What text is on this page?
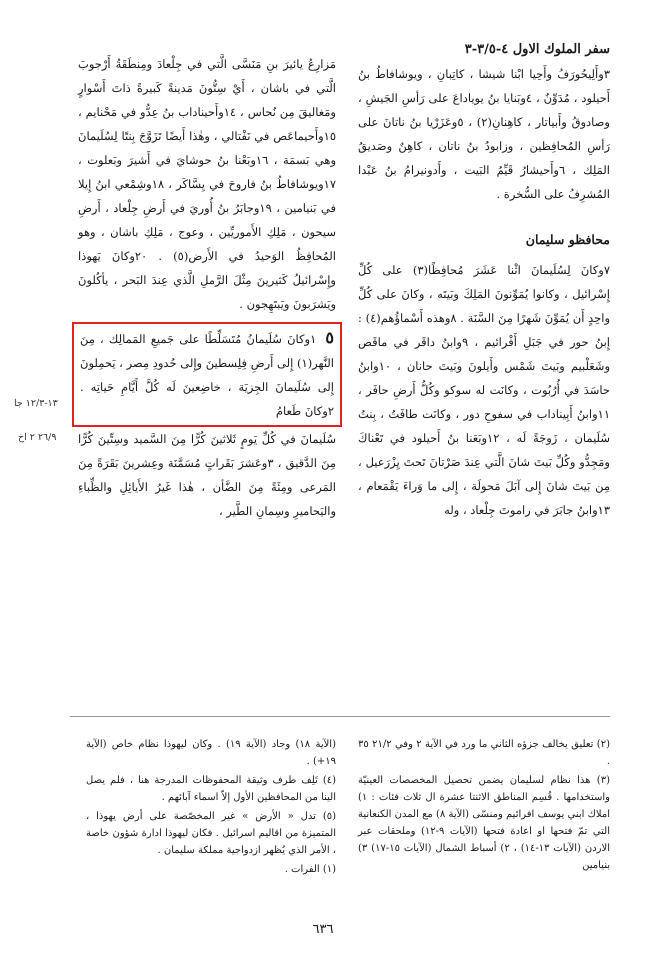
سفر الملوك الاول ٤-٣/٥-٣

٣وأَلِيحُورَفُ وأَحِيا ابْنا شيشا ، كاتِبانِ ، ويوشافاطُ بنُ أَحيلود ، مُدَوِّنٌ ، ٤وبَنايا بنُ يوياداعَ على رَأسِ الجَيشِ ، وصادوقُ وأَبياتار ، كاهِنانِ(٢) ، ٥وعَزَرْيا بنُ ناتانَ على رَأسِ المُحافِظين ، وزابودُ بنُ ناتان ، كاهِنٌ وصَديقُ المَلِك ، ٦وأَحيشارُ قَيِّمُ البَيت ، وأَدونيرامُ بنُ عَبْدا المُشرِفُ على السُّخرة .

محافظو سليمان

٧وكانَ لِسُلَيمانَ اثْنا عَشَرَ مُحافِظًا(٣) على كُلِّ إِسْرائيل ، وكانوا يُمَوِّنونَ المَلِكَ وبَيتَه ، وكانَ على كُلِّ واحِدٍ أَن يُمَوِّنَ شَهرًا مِنَ السَّنَة . ٨وهذه أَسْماؤُهم(٤) : إِبنُ حور في جَبَلِ أَفْرائيم ، ٩وابنُ داقَر في ماقَص وشَعَلْبيم وبَيتَ شَمْس وأَيلونَ وبَيتَ حانان ، ١٠وابنُ حاسَدَ في أُرُبُوت ، وكانَت له سوكو وكُلُّ أَرضِ حافَر ، ١١وابنُ أَبِيناداب في سفوحِ دور ، وكانَت طافَتُ ، بِنتُ سُلَيمان ، زَوجَةً لَه ، ١٢وبَعَنا بنُ أَحيلود في تَعْناكَ ومَجِدُّو وكُلِّ بَيتَ شانَ الَّتي عِندَ صَرْتانَ تَحتَ يِزْرَعيل ، مِن بَيتَ شانَ إِلى آبَلَ مَحولَة ، إِلى ما وَراءَ يَقْمَعام ، ١٣وابنُ جابَرَ في راموتَ جِلْعاد ، وله

مَزارِعُ يائيرَ بنِ مَنَسَّى الَّتي في جِلْعادَ ومِنطَقَةُ أَرْجوبَ الَّتي في باشان ، أَيْ سِتُّونَ مَدينةً كَبيرةً ذاتَ أَسْوارٍ ومَغاليقَ مِن نُحاس ، ١٤وأَحيناداب بنُ عِدُّو في مَحْنايم ، ١٥وأَحيماعَص في نَفْتالي ، وهٰذا أَيضًا تَزَوَّجَ بِنتًا لِسُلَيمانَ وهي بَسمَة ، ١٦وبَعْنا بنُ حوشايَ في أَشيرَ وبَعلوت ، ١٧ويوشافاطُ بنُ فاروحَ في يِسَّاكَر ، ١٨وشِمْعي ابنُ إِيلا في بَنيامين ، ١٩وجابَرُ بنُ أُوريَ في أَرضِ جِلْعاد ، أَرضِ سيحون ، مَلِكِ الأَموريِّين ، وعوج ، مَلِكِ باشان ، وهو المُحافِظُ الوَحيدُ في الأَرض(٥) . ٢٠وكانَ يَهوذا وإِسْرائيلُ كَثيرينَ مِثْلَ الرَّملِ الَّذي عِندَ البَحر ، يأكُلونَ ويَشرَبونَ ويَبتَهِجون .

٥ ١وكانَ سُلَيمانُ مُتَسَلِّطًا على جَميعِ المَمالِك ، مِنَ النَّهر(١) إِلى أَرضِ فِلِسطينَ وإِلى حُدودِ مِصر ، يَحمِلونَ إِلى سُلَيمانَ الجِزيَة ، خاضِعينَ لَه كُلَّ أَيَّامِ حَياتِه . ٢وكانَ طَعامُ

سُلَيمانَ في كُلِّ يَومٍ ثَلاثينَ كُرًّا مِنَ السَّميد وسِتِّينَ كُرًّا مِنَ الدَّقيق ، ٣وعَشرَ بَقَراتٍ مُسَمَّنَة وعِشرينَ بَقَرَةً مِنَ المَرعى ومِئَةً مِنَ الضَّأن ، هٰذا غَيرُ الأَيائِلِ والظِّباءِ واليَحاميرِ وسِمانِ الطَّير ،

١٣-١٢/٣ جا
٢٦/٩ ٢ اخ

(٢) تعليق يخالف جزؤه الثاني ما ورد في الآية ٢ وفي ٢١/٢ ٣٥ .

(٣) هذا نظام لسليمان يضمن تحصيل المخصصات العينيّة واستخدامها . قُسِم المناطق الاثنتا عشرة ال ثلاث فئات : ١) املاك ابني يوسف افرائيم ومنسّى (الآية ٨) مع المدن الكنعانية التي تمّ فتحها او اعادة فتحها (الآيات ٩-١٢) وملحقات عبر الاردن (الآيات ١٣-١٤) ، ٢) أسباط الشمال (الآيات ١٥-١٧) ٣) بنيامين

(الآية ١٨) وجاد (الآية ١٩) . وكان ليهوذا نظام خاص (الآية ١٩+) .

(٤) تَلِف طرف وثيقة المحفوظات المدرجة هنا ، فلم يصل الينا من المحافظين الأول إلاّ اسماء آبائهم .

(٥) تدل « الأرض » غير المخصّصة على أرض يهوذا ، المتميزة من اقاليم اسرائيل . فكان ليهوذا ادارة شؤون خاصة ، الأمر الذي يُظهر ازدواجية مملكة سليمان .

(١) الفرات .

٦٣٦
